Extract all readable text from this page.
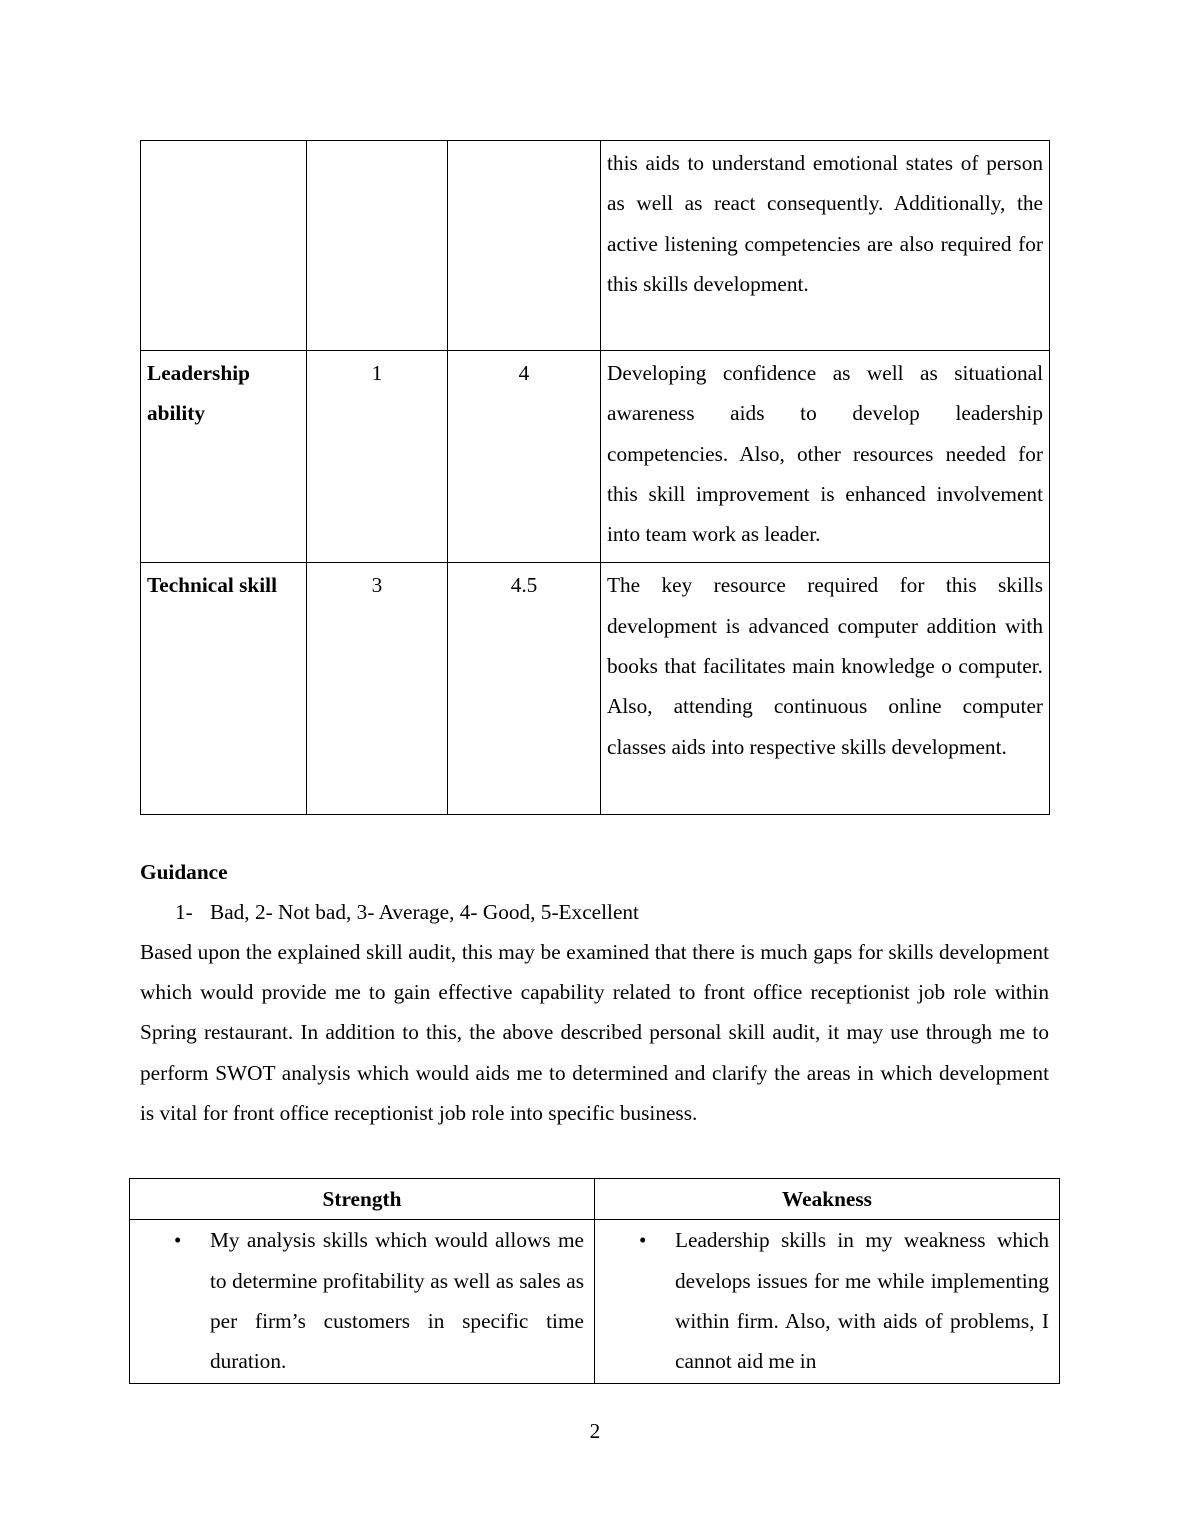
			this aids to understand emotional states of person as well as react consequently. Additionally, the active listening competencies are also required for this skills development.
Leadership ability	1	4	Developing confidence as well as situational awareness aids to develop leadership competencies. Also, other resources needed for this skill improvement is enhanced involvement into team work as leader.
Technical skill	3	4.5	The key resource required for this skills development is advanced computer addition with books that facilitates main knowledge o computer. Also, attending continuous online computer classes aids into respective skills development.
Guidance
1- Bad, 2- Not bad, 3- Average, 4- Good, 5-Excellent

Based upon the explained skill audit, this may be examined that there is much gaps for skills development which would provide me to gain effective capability related to front office receptionist job role within Spring restaurant. In addition to this, the above described personal skill audit, it may use through me to perform SWOT analysis which would aids me to determined and clarify the areas in which development is vital for front office receptionist job role into specific business.

Strength	Weakness

• My analysis skills which would allows me to determine profitability as well as sales as per firm’s customers in specific time duration.	• Leadership skills in my weakness which develops issues for me while implementing within firm. Also, with aids of problems, I cannot aid me in
2
